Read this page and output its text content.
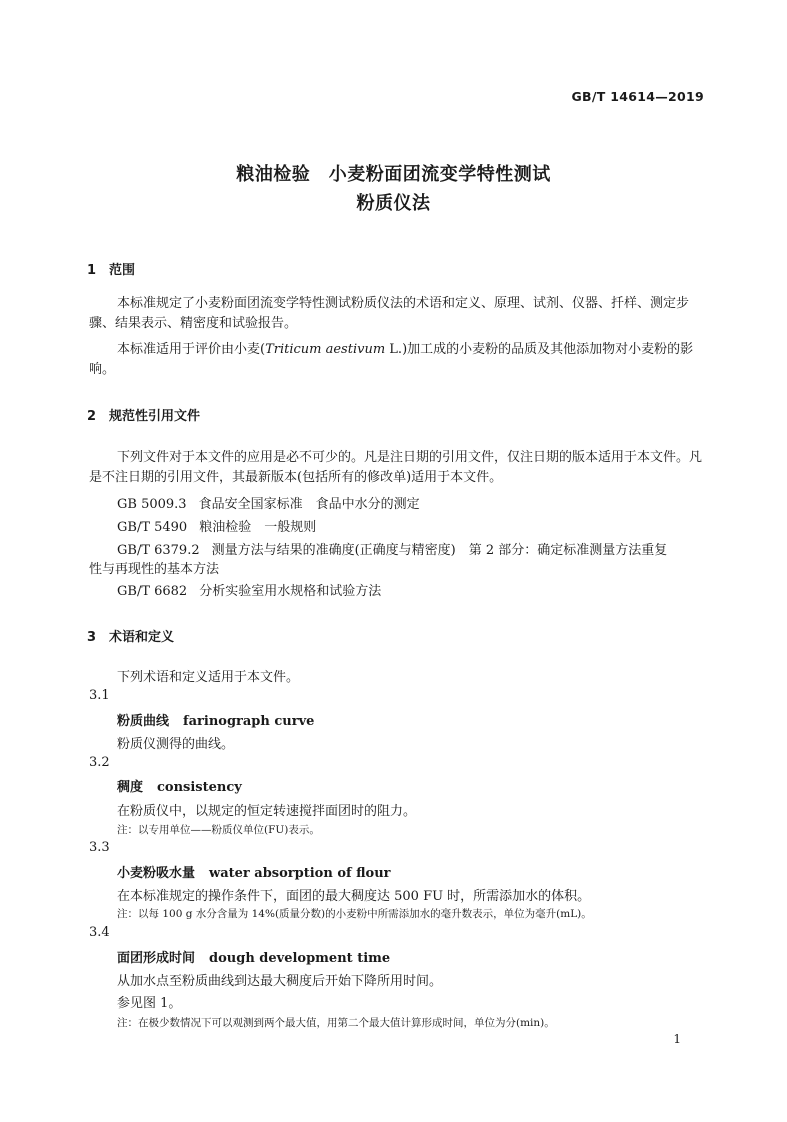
GB/T 14614—2019
粮油检验　小麦粉面团流变学特性测试
粉质仪法
1 范围
本标准规定了小麦粉面团流变学特性测试粉质仪法的术语和定义、原理、试剂、仪器、扦样、测定步骤、结果表示、精密度和试验报告。
本标准适用于评价由小麦(Triticum aestivum L.)加工成的小麦粉的品质及其他添加物对小麦粉的影响。
2 规范性引用文件
下列文件对于本文件的应用是必不可少的。凡是注日期的引用文件，仅注日期的版本适用于本文件。凡是不注日期的引用文件，其最新版本(包括所有的修改单)适用于本文件。
GB 5009.3 食品安全国家标准　食品中水分的测定
GB/T 5490 粮油检验　一般规则
GB/T 6379.2 测量方法与结果的准确度(正确度与精密度)　第 2 部分：确定标准测量方法重复
性与再现性的基本方法
GB/T 6682 分析实验室用水规格和试验方法
3 术语和定义
下列术语和定义适用于本文件。
3.1
粉质曲线 farinograph curve
粉质仪测得的曲线。
3.2
稠度 consistency
在粉质仪中，以规定的恒定转速搅拌面团时的阻力。
注：以专用单位——粉质仪单位(FU)表示。
3.3
小麦粉吸水量 water absorption of flour
在本标准规定的操作条件下，面团的最大稠度达 500 FU 时，所需添加水的体积。
注：以每 100 g 水分含量为 14%(质量分数)的小麦粉中所需添加水的毫升数表示，单位为毫升(mL)。
3.4
面团形成时间 dough development time
从加水点至粉质曲线到达最大稠度后开始下降所用时间。
参见图 1。
注：在极少数情况下可以观测到两个最大值，用第二个最大值计算形成时间，单位为分(min)。
1
